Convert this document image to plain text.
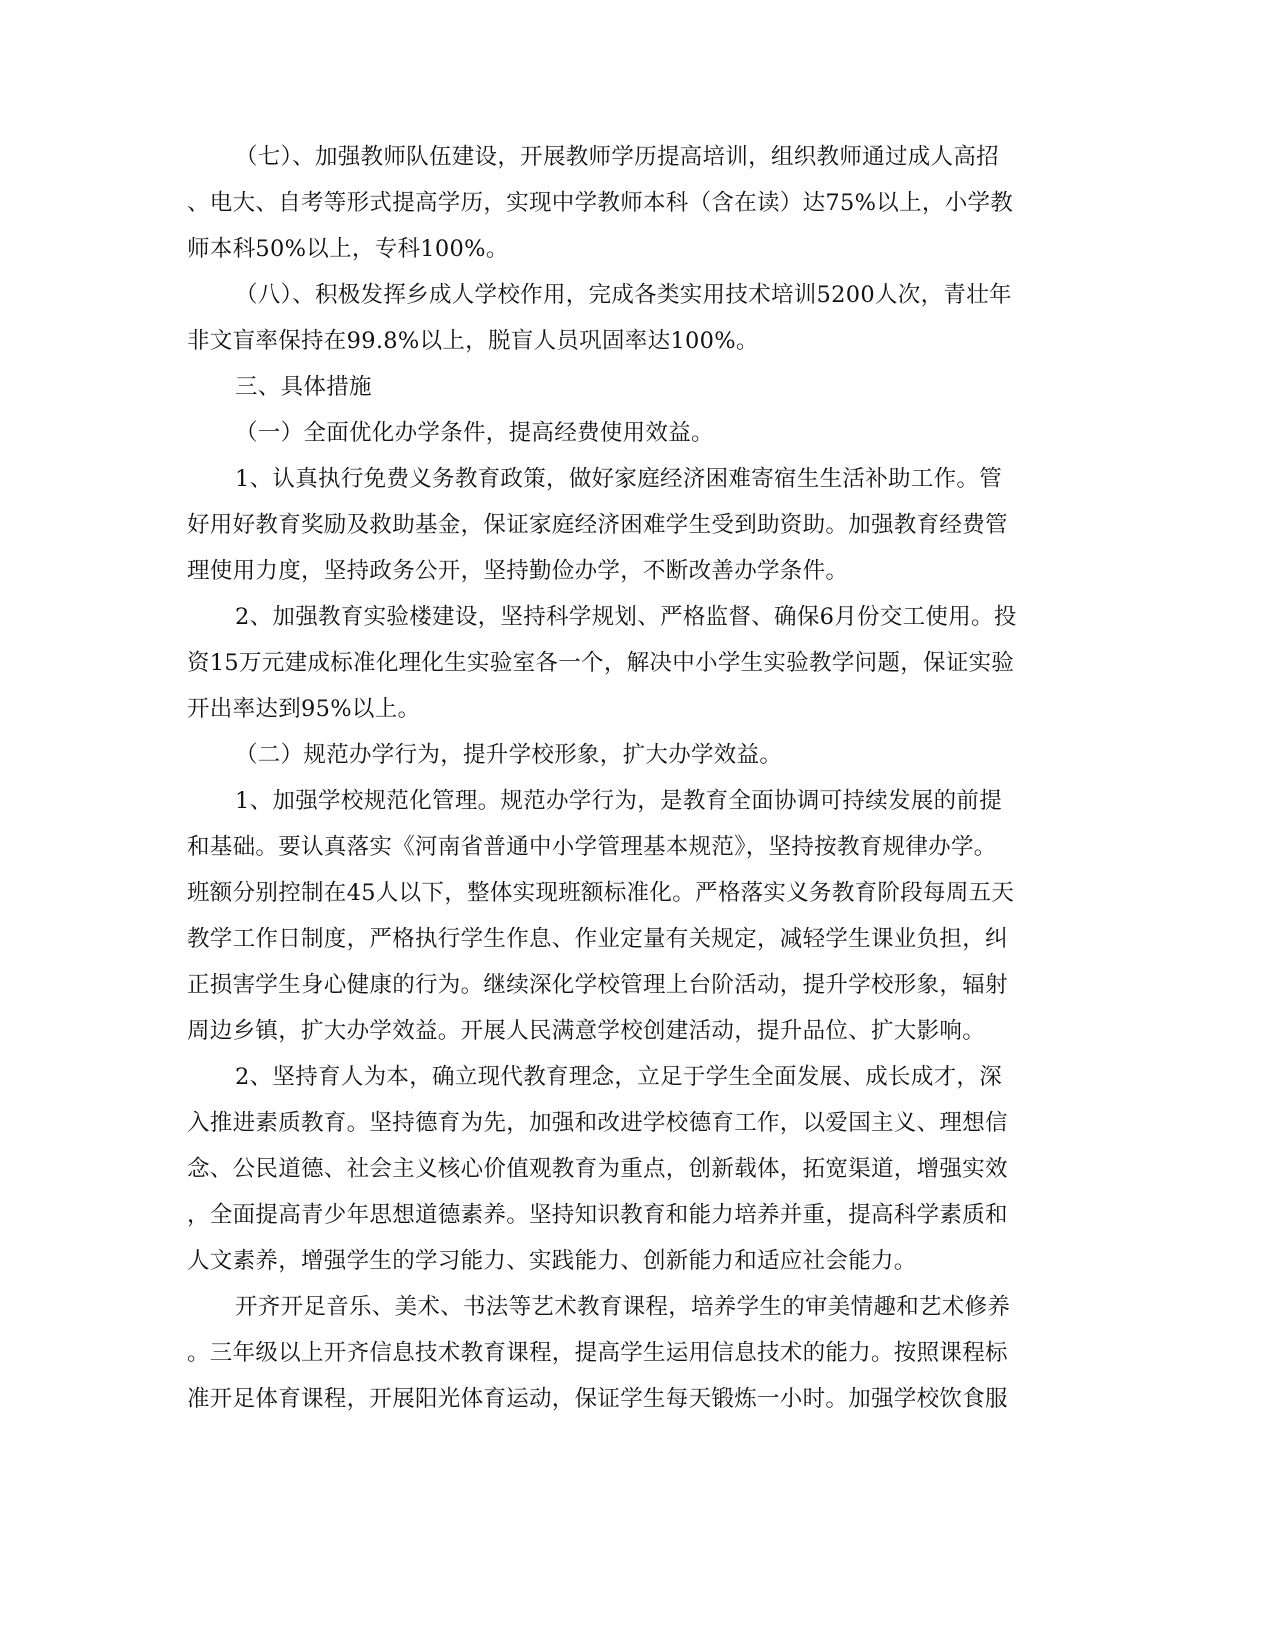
（七）、加强教师队伍建设，开展教师学历提高培训，组织教师通过成人高招
、电大、自考等形式提高学历，实现中学教师本科（含在读）达75%以上，小学教
师本科50%以上，专科100%。
（八）、积极发挥乡成人学校作用，完成各类实用技术培训5200人次，青壮年
非文盲率保持在99.8%以上，脱盲人员巩固率达100%。
三、具体措施
（一）全面优化办学条件，提高经费使用效益。
1、认真执行免费义务教育政策，做好家庭经济困难寄宿生生活补助工作。管
好用好教育奖励及救助基金，保证家庭经济困难学生受到助资助。加强教育经费管
理使用力度，坚持政务公开，坚持勤俭办学，不断改善办学条件。
2、加强教育实验楼建设，坚持科学规划、严格监督、确保6月份交工使用。投
资15万元建成标准化理化生实验室各一个，解决中小学生实验教学问题，保证实验
开出率达到95%以上。
（二）规范办学行为，提升学校形象，扩大办学效益。
1、加强学校规范化管理。规范办学行为，是教育全面协调可持续发展的前提
和基础。要认真落实《河南省普通中小学管理基本规范》，坚持按教育规律办学。
班额分别控制在45人以下，整体实现班额标准化。严格落实义务教育阶段每周五天
教学工作日制度，严格执行学生作息、作业定量有关规定，减轻学生课业负担，纠
正损害学生身心健康的行为。继续深化学校管理上台阶活动，提升学校形象，辐射
周边乡镇，扩大办学效益。开展人民满意学校创建活动，提升品位、扩大影响。
2、坚持育人为本，确立现代教育理念，立足于学生全面发展、成长成才，深
入推进素质教育。坚持德育为先，加强和改进学校德育工作，以爱国主义、理想信
念、公民道德、社会主义核心价值观教育为重点，创新载体，拓宽渠道，增强实效
，全面提高青少年思想道德素养。坚持知识教育和能力培养并重，提高科学素质和
人文素养，增强学生的学习能力、实践能力、创新能力和适应社会能力。
开齐开足音乐、美术、书法等艺术教育课程，培养学生的审美情趣和艺术修养
。三年级以上开齐信息技术教育课程，提高学生运用信息技术的能力。按照课程标
准开足体育课程，开展阳光体育运动，保证学生每天锻炼一小时。加强学校饮食服
